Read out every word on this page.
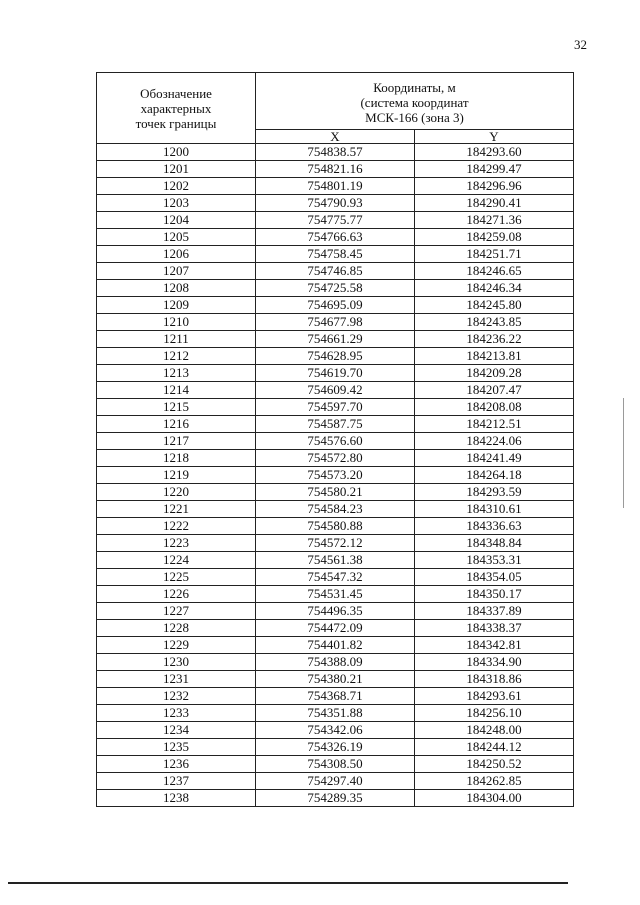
32
Обозначение
характерных
точек границы	Координаты, м
(система координат
МСК-166 (зона 3)	

	X	Y
1200	754838.57	184293.60
1201	754821.16	184299.47
1202	754801.19	184296.96
1203	754790.93	184290.41
1204	754775.77	184271.36
1205	754766.63	184259.08
1206	754758.45	184251.71
1207	754746.85	184246.65
1208	754725.58	184246.34
1209	754695.09	184245.80
1210	754677.98	184243.85
1211	754661.29	184236.22
1212	754628.95	184213.81
1213	754619.70	184209.28
1214	754609.42	184207.47
1215	754597.70	184208.08
1216	754587.75	184212.51
1217	754576.60	184224.06
1218	754572.80	184241.49
1219	754573.20	184264.18
1220	754580.21	184293.59
1221	754584.23	184310.61
1222	754580.88	184336.63
1223	754572.12	184348.84
1224	754561.38	184353.31
1225	754547.32	184354.05
1226	754531.45	184350.17
1227	754496.35	184337.89
1228	754472.09	184338.37
1229	754401.82	184342.81
1230	754388.09	184334.90
1231	754380.21	184318.86
1232	754368.71	184293.61
1233	754351.88	184256.10
1234	754342.06	184248.00
1235	754326.19	184244.12
1236	754308.50	184250.52
1237	754297.40	184262.85
1238	754289.35	184304.00
